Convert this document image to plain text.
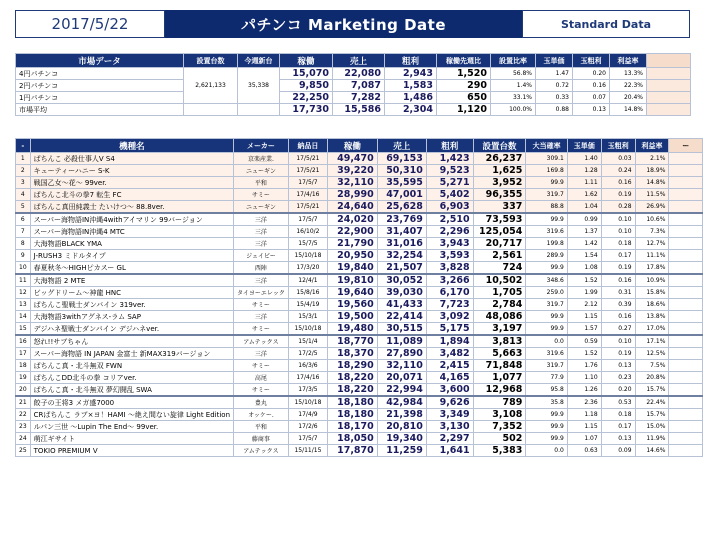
2017/5/22	パチンコ Marketing Date	Standard Data
市場データ	設置台数	今週新台	稼働	売上	粗利	稼働先週比	設置比率	玉単価	玉粗利	利益率	
4円パチンコ	2,621,133	35,338	15,070	22,080	2,943	1,520	56.8%	1.47	0.20	13.3%	
2円パチンコ			9,850	7,087	1,583	290	1.4%	0.72	0.16	22.3%	
1円パチンコ			22,250	7,282	1,486	650	33.1%	0.33	0.07	20.4%	
市場平均			17,730	15,586	2,304	1,120	100.0%	0.88	0.13	14.8%	
-	機種名	メーカー	納品日	稼働	売上	粗利	設置台数	大当確率	玉単価	玉粗利	利益率	ー
1	ぱちんこ 必殺仕事人Ⅴ S4	京楽産業.	17/5/21	49,470	69,153	1,423	26,237	309.1	1.40	0.03	2.1%	
2	キューティーハニー S-K	ニューギン	17/5/21	39,220	50,310	9,523	1,625	169.8	1.28	0.24	18.9%	
3	戦国乙女～花～ 99ver.	平和	17/5/7	32,110	35,595	5,271	3,952	99.9	1.11	0.16	14.8%	
4	ぱちんこ北斗の拳7 転生 FC	サミー	17/4/16	28,990	47,001	5,402	96,355	319.7	1.62	0.19	11.5%	
5	ぱちんこ真田純義士 たいけつ～ 88.8ver.	ニューギン	17/5/21	24,640	25,628	6,903	337	88.8	1.04	0.28	26.9%	
6	スーパー海物語IN沖縄4withアイマリン 99バージョン	三洋	17/5/7	24,020	23,769	2,510	73,593	99.9	0.99	0.10	10.6%	
7	スーパー海物語IN沖縄4 MTC	三洋	16/10/2	22,900	31,407	2,296	125,054	319.6	1.37	0.10	7.3%	
8	大海物語BLACK YMA	三洋	15/7/5	21,790	31,016	3,943	20,717	199.8	1.42	0.18	12.7%	
9	J-RUSH3 ミドルタイプ	ジェイビー	15/10/18	20,950	32,254	3,593	2,561	289.9	1.54	0.17	11.1%	
10	春夏秋冬～HIGHピカスー GL	西陣	17/3/20	19,840	21,507	3,828	724	99.9	1.08	0.19	17.8%	
11	大海物語 2 MTE	三洋	12/4/1	19,810	30,052	3,266	10,502	348.6	1.52	0.16	10.9%	
12	ビッグドリーム～神龍 HNC	タイヨーエレック	15/8/16	19,640	39,030	6,170	1,705	259.0	1.99	0.31	15.8%	
13	ぱちんこ聖戦士ダンバイン 319ver.	サミー	15/4/19	19,560	41,433	7,723	2,784	319.7	2.12	0.39	18.6%	
14	大海物語3withアグネス-ラム SAP	三洋	15/3/1	19,500	22,414	3,092	48,086	99.9	1.15	0.16	13.8%	
15	デジハネ聖戦士ダンバイン デジハネver.	サミー	15/10/18	19,480	30,515	5,175	3,197	99.9	1.57	0.27	17.0%	
16	怒れ!!サブちゃん	アムテックス	15/1/4	18,770	11,089	1,894	3,813	0.0	0.59	0.10	17.1%	
17	スーパー海物語 IN JAPAN 金富士 新MAX319バージョン	三洋	17/2/5	18,370	27,890	3,482	5,663	319.6	1.52	0.19	12.5%	
18	ぱちんこ真・北斗無双 FWN	サミー	16/3/6	18,290	32,110	2,415	71,848	319.7	1.76	0.13	7.5%	
19	ぱちんこDD北斗の拳 コリアver.	高尾	17/4/16	18,220	20,071	4,165	1,077	77.9	1.10	0.23	20.8%	
20	ぱちんこ真・北斗無双 夢幻闘乱 SWA	サミー	17/3/5	18,220	22,994	3,600	12,968	95.8	1.26	0.20	15.7%	
21	餃子の王将3 メガ盛7000	豊丸	15/10/18	18,180	42,984	9,626	789	35.8	2.36	0.53	22.4%	
22	CRぱちんこ ラブ×ヨ！HAMI ～絶え間ない旋律 Light Edition	オッケー.	17/4/9	18,180	21,398	3,349	3,108	99.9	1.18	0.18	15.7%	
23	ルパン三世 ～Lupin The End～ 99ver.	平和	17/2/6	18,170	20,810	3,130	7,352	99.9	1.15	0.17	15.0%	
24	萌江ギサイト	藤商事	17/5/7	18,050	19,340	2,297	502	99.9	1.07	0.13	11.9%	
25	TOKIO PREMIUM V	アムテックス	15/11/15	17,870	11,259	1,641	5,383	0.0	0.63	0.09	14.6%	
